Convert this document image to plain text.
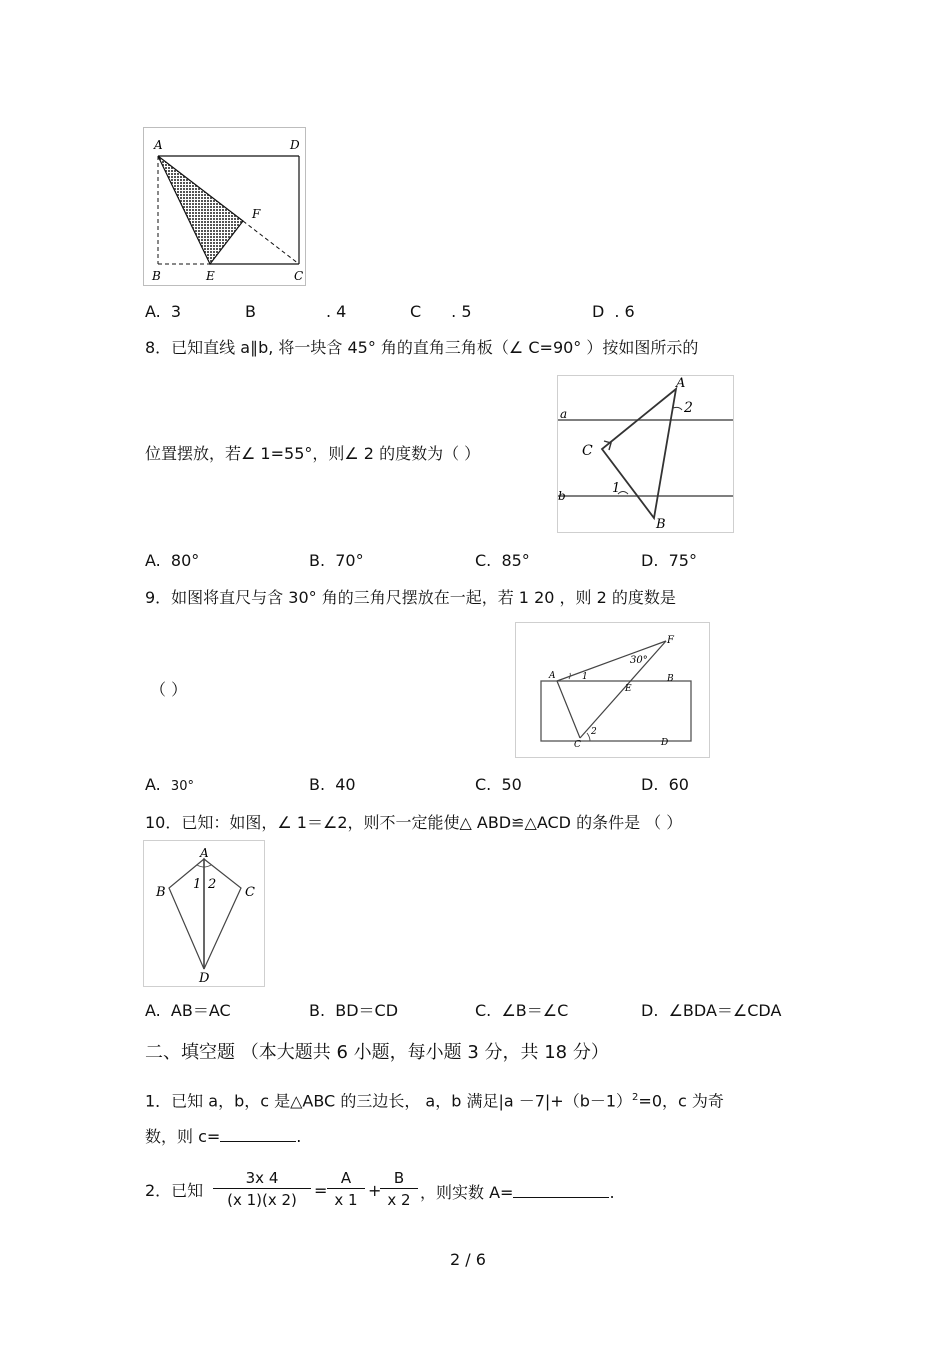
A	D
F
B	E	C
A. 3	B	. 4	C . 5	D . 6
8．已知直线 a∥b, 将一块含 45° 角的直角三角板（∠ C=90° ）按如图所示的
A
a	2
C
b	1
B
位置摆放，若∠ 1=55°，则∠ 2 的度数为（ ）
A. 80°	B. 70°	C. 85°	D. 75°
9．如图将直尺与含 30° 角的三角尺摆放在一起，若 1 20 ，则 2 的度数是
F
30°
A	1
E
B
C
2
D
（ ）
A. 30°	B. 40	C. 50	D. 60
10．已知：如图，∠ 1＝∠2，则不一定能使△ ABD≌△ACD 的条件是 （ ）
A
B
1 2
C
D
A. AB＝AC	B. BD＝CD	C. ∠B＝∠C	D. ∠BDA＝∠CDA
二、填空题 （本大题共 6 小题，每小题 3 分，共 18 分）
1．已知 a，b，c 是△ABC 的三边长， a，b 满足$|a -7|+(b-1)^2=0$，c 为奇
数，则 c=	.
2．已知 $\frac{3x 4}{(x 1)(x 2)} = \frac{A}{x 1}$ +
$\frac{B}{x 2}$ ，则实数 A=	.
2 / 6
